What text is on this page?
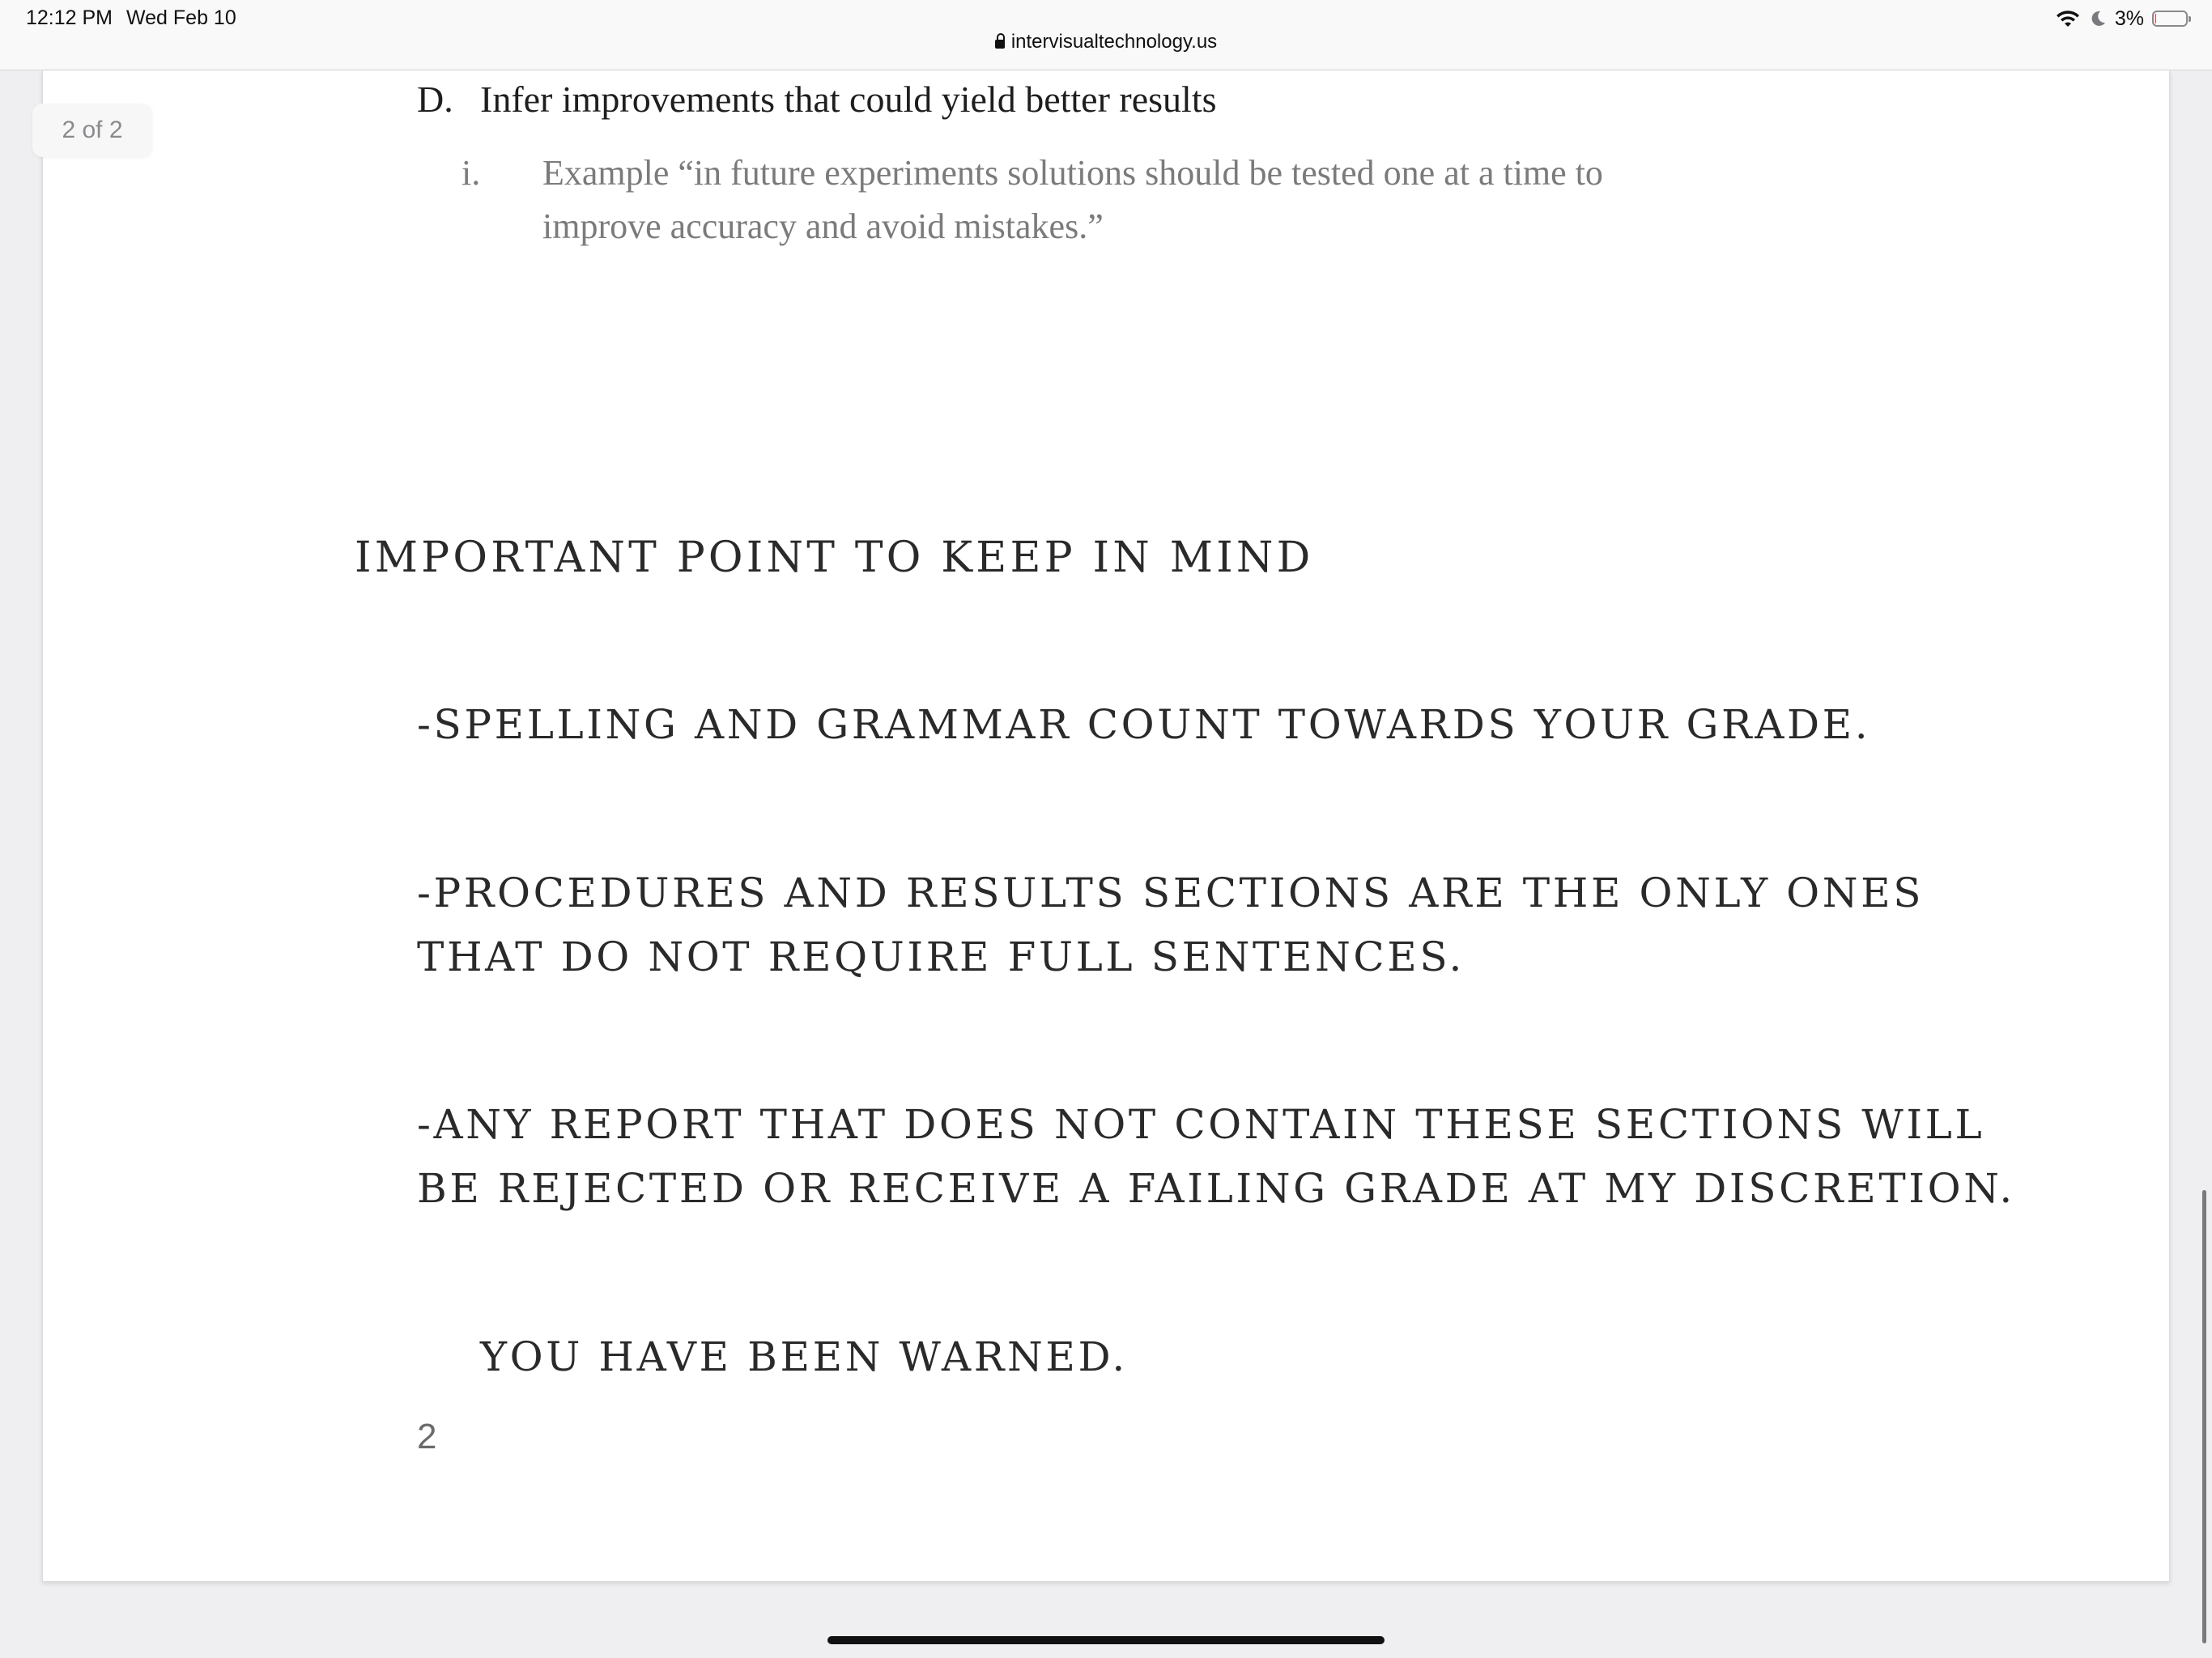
12:12 PM Wed Feb 10
intervisualtechnology.us
3%
2 of 2
D. Infer improvements that could yield better results
i. Example “in future experiments solutions should be tested one at a time to
improve accuracy and avoid mistakes.”
IMPORTANT POINT TO KEEP IN MIND
-SPELLING AND GRAMMAR COUNT TOWARDS YOUR GRADE.
-PROCEDURES AND RESULTS SECTIONS ARE THE ONLY ONES
THAT DO NOT REQUIRE FULL SENTENCES.
-ANY REPORT THAT DOES NOT CONTAIN THESE SECTIONS WILL
BE REJECTED OR RECEIVE A FAILING GRADE AT MY DISCRETION.
YOU HAVE BEEN WARNED.
2
